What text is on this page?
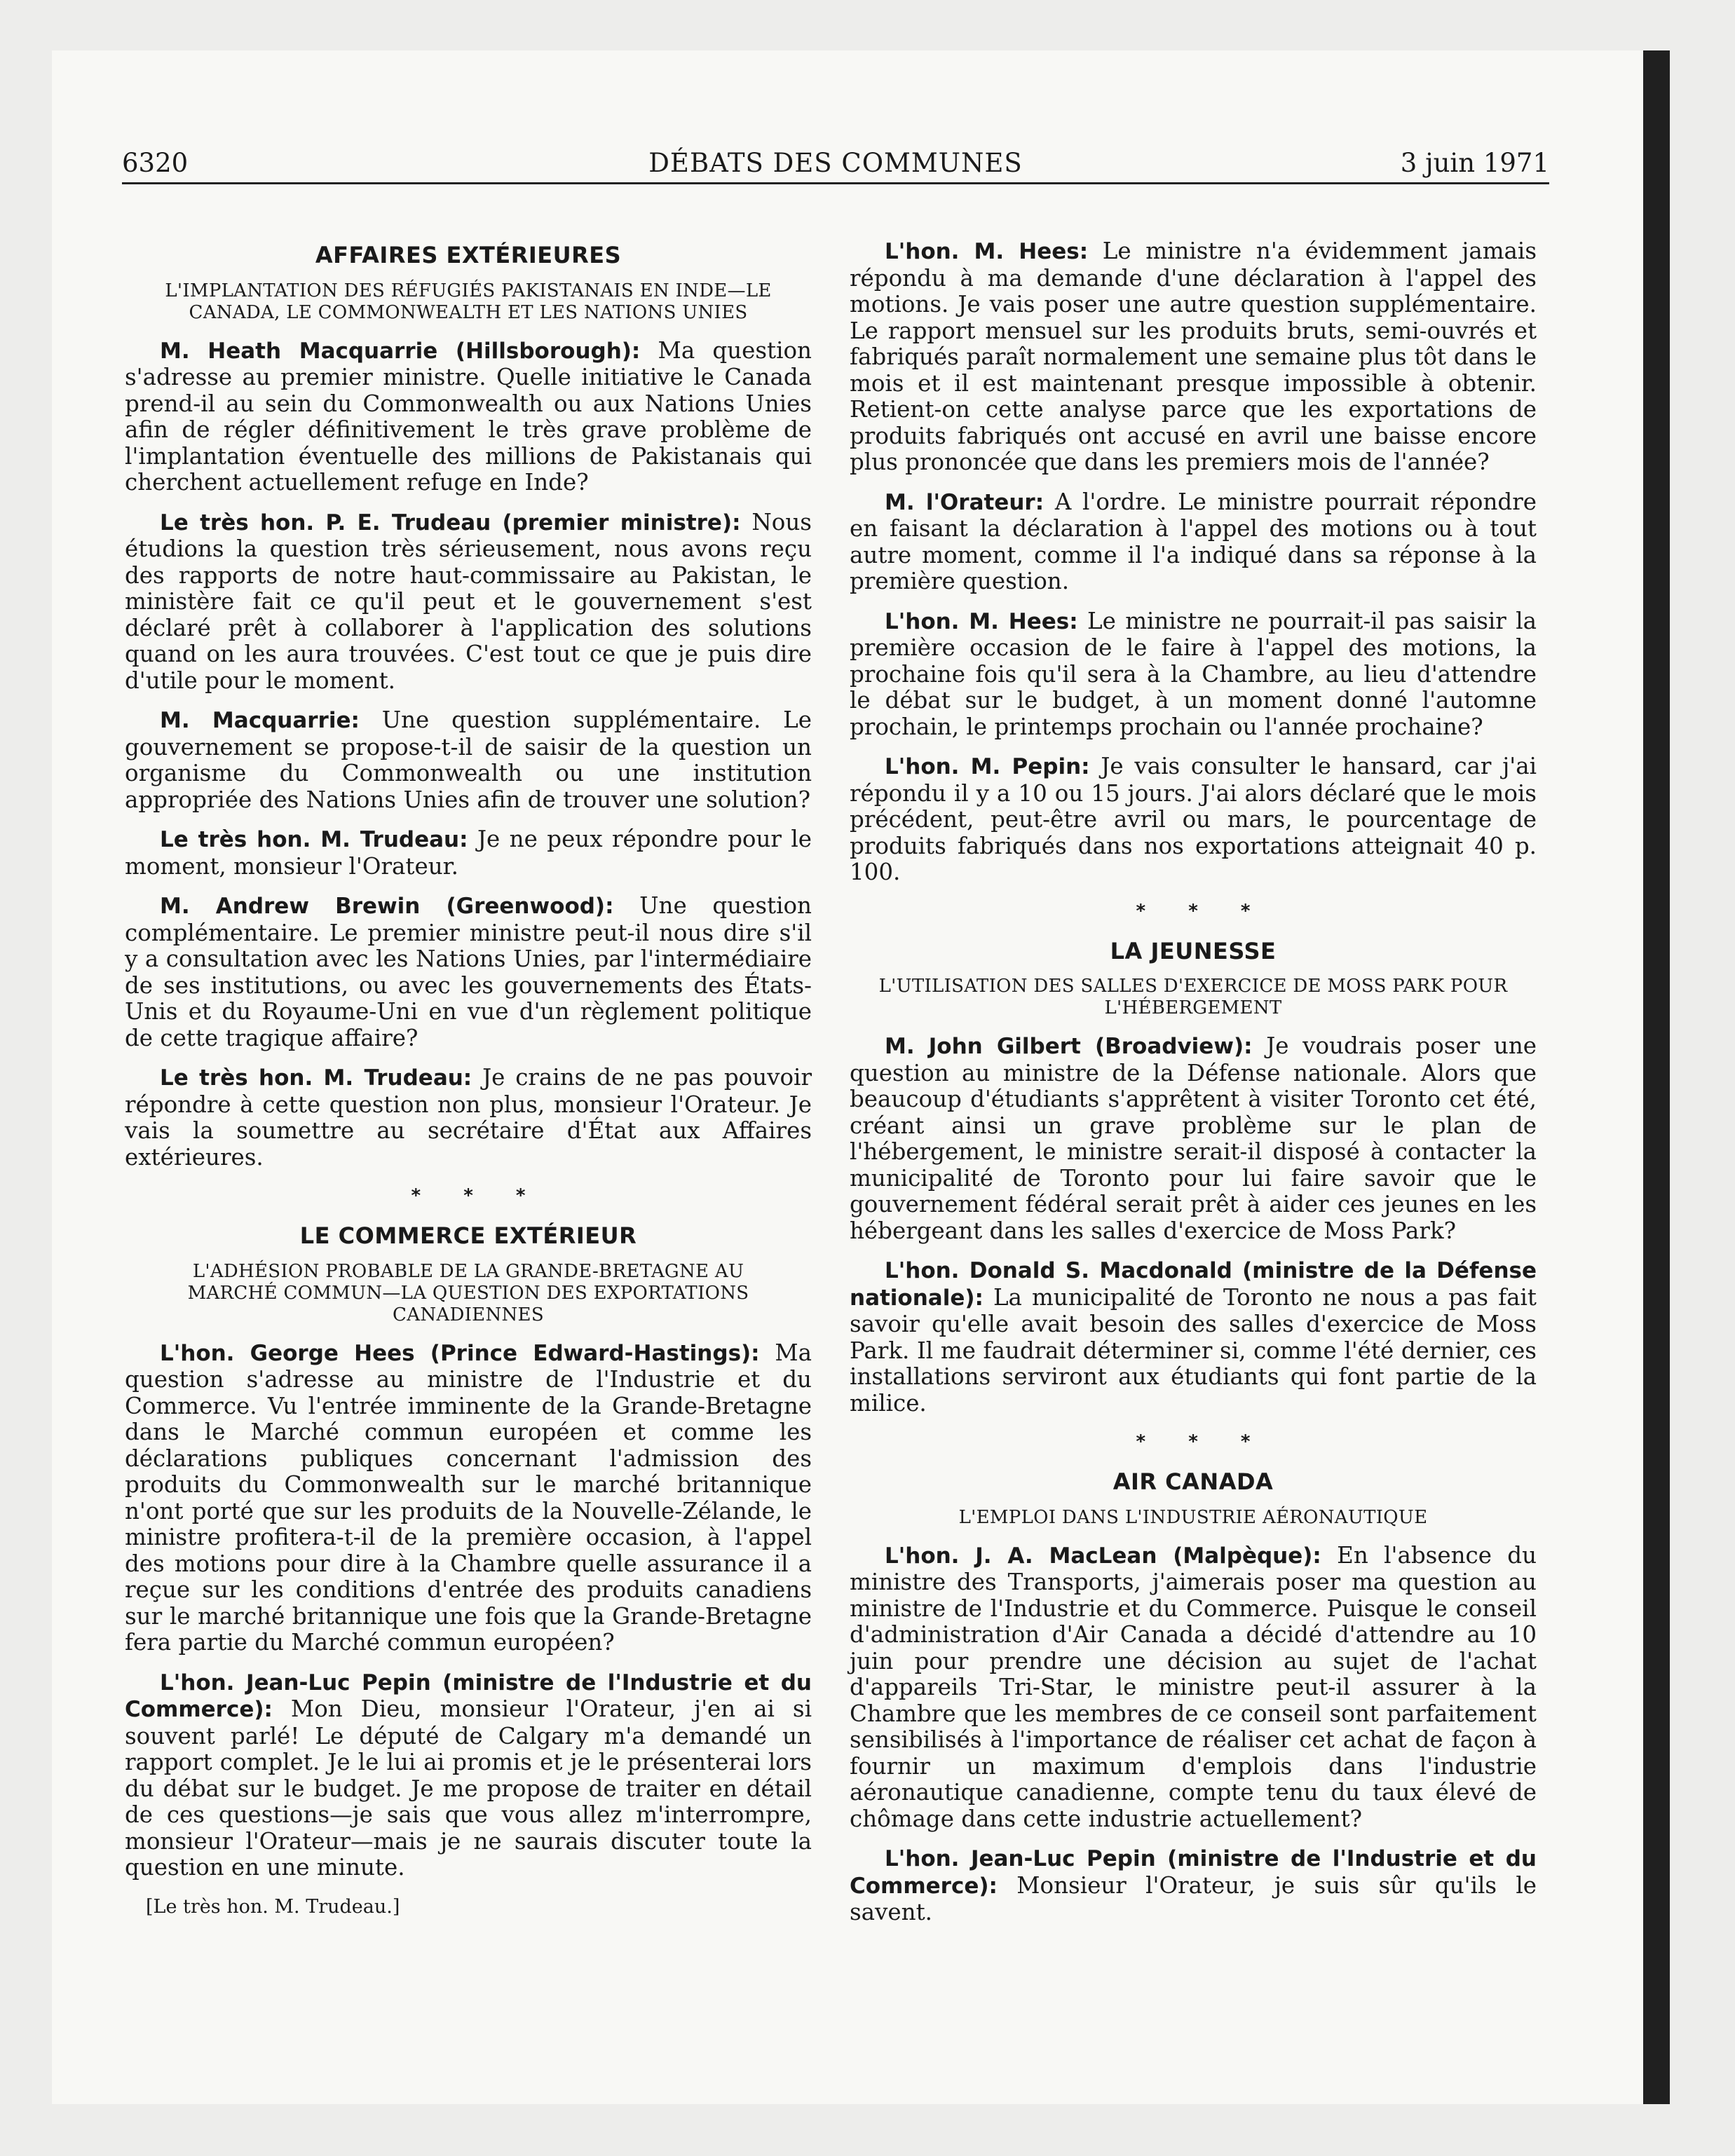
DÉBATS DES COMMUNES
6320	3 juin 1971
AFFAIRES EXTÉRIEURES
L'IMPLANTATION DES RÉFUGIÉS PAKISTANAIS EN INDE—LE CANADA, LE COMMONWEALTH ET LES NATIONS UNIES

M. Heath Macquarrie (Hillsborough): Ma question s'adresse au premier ministre. Quelle initiative le Canada prend-il au sein du Commonwealth ou aux Nations Unies afin de régler définitivement le très grave problème de l'implantation éventuelle des millions de Pakistanais qui cherchent actuellement refuge en Inde?

Le très hon. P. E. Trudeau (premier ministre): Nous étudions la question très sérieusement, nous avons reçu des rapports de notre haut-commissaire au Pakistan, le ministère fait ce qu'il peut et le gouvernement s'est déclaré prêt à collaborer à l'application des solutions quand on les aura trouvées. C'est tout ce que je puis dire d'utile pour le moment.

M. Macquarrie: Une question supplémentaire. Le gouvernement se propose-t-il de saisir de la question un organisme du Commonwealth ou une institution appropriée des Nations Unies afin de trouver une solution?

Le très hon. M. Trudeau: Je ne peux répondre pour le moment, monsieur l'Orateur.

M. Andrew Brewin (Greenwood): Une question complémentaire. Le premier ministre peut-il nous dire s'il y a consultation avec les Nations Unies, par l'intermédiaire de ses institutions, ou avec les gouvernements des États-Unis et du Royaume-Uni en vue d'un règlement politique de cette tragique affaire?

Le très hon. M. Trudeau: Je crains de ne pas pouvoir répondre à cette question non plus, monsieur l'Orateur. Je vais la soumettre au secrétaire d'État aux Affaires extérieures.

* * *
LE COMMERCE EXTÉRIEUR
L'ADHÉSION PROBABLE DE LA GRANDE-BRETAGNE AU MARCHÉ COMMUN—LA QUESTION DES EXPORTATIONS CANADIENNES

L'hon. George Hees (Prince Edward-Hastings): Ma question s'adresse au ministre de l'Industrie et du Commerce. Vu l'entrée imminente de la Grande-Bretagne dans le Marché commun européen et comme les déclarations publiques concernant l'admission des produits du Commonwealth sur le marché britannique n'ont porté que sur les produits de la Nouvelle-Zélande, le ministre profitera-t-il de la première occasion, à l'appel des motions pour dire à la Chambre quelle assurance il a reçue sur les conditions d'entrée des produits canadiens sur le marché britannique une fois que la Grande-Bretagne fera partie du Marché commun européen?

L'hon. Jean-Luc Pepin (ministre de l'Industrie et du Commerce): Mon Dieu, monsieur l'Orateur, j'en ai si souvent parlé! Le député de Calgary m'a demandé un rapport complet. Je le lui ai promis et je le présenterai lors du débat sur le budget. Je me propose de traiter en détail de ces questions—je sais que vous allez m'interrompre, monsieur l'Orateur—mais je ne saurais discuter toute la question en une minute.

[Le très hon. M. Trudeau.]

L'hon. M. Hees: Le ministre n'a évidemment jamais répondu à ma demande d'une déclaration à l'appel des motions. Je vais poser une autre question supplémentaire. Le rapport mensuel sur les produits bruts, semi-ouvrés et fabriqués paraît normalement une semaine plus tôt dans le mois et il est maintenant presque impossible à obtenir. Retient-on cette analyse parce que les exportations de produits fabriqués ont accusé en avril une baisse encore plus prononcée que dans les premiers mois de l'année?

M. l'Orateur: A l'ordre. Le ministre pourrait répondre en faisant la déclaration à l'appel des motions ou à tout autre moment, comme il l'a indiqué dans sa réponse à la première question.

L'hon. M. Hees: Le ministre ne pourrait-il pas saisir la première occasion de le faire à l'appel des motions, la prochaine fois qu'il sera à la Chambre, au lieu d'attendre le débat sur le budget, à un moment donné l'automne prochain, le printemps prochain ou l'année prochaine?

L'hon. M. Pepin: Je vais consulter le hansard, car j'ai répondu il y a 10 ou 15 jours. J'ai alors déclaré que le mois précédent, peut-être avril ou mars, le pourcentage de produits fabriqués dans nos exportations atteignait 40 p. 100.

* * *
LA JEUNESSE
L'UTILISATION DES SALLES D'EXERCICE DE MOSS PARK POUR L'HÉBERGEMENT

M. John Gilbert (Broadview): Je voudrais poser une question au ministre de la Défense nationale. Alors que beaucoup d'étudiants s'apprêtent à visiter Toronto cet été, créant ainsi un grave problème sur le plan de l'hébergement, le ministre serait-il disposé à contacter la municipalité de Toronto pour lui faire savoir que le gouvernement fédéral serait prêt à aider ces jeunes en les hébergeant dans les salles d'exercice de Moss Park?

L'hon. Donald S. Macdonald (ministre de la Défense nationale): La municipalité de Toronto ne nous a pas fait savoir qu'elle avait besoin des salles d'exercice de Moss Park. Il me faudrait déterminer si, comme l'été dernier, ces installations serviront aux étudiants qui font partie de la milice.

* * *
AIR CANADA
L'EMPLOI DANS L'INDUSTRIE AÉRONAUTIQUE

L'hon. J. A. MacLean (Malpèque): En l'absence du ministre des Transports, j'aimerais poser ma question au ministre de l'Industrie et du Commerce. Puisque le conseil d'administration d'Air Canada a décidé d'attendre au 10 juin pour prendre une décision au sujet de l'achat d'appareils Tri-Star, le ministre peut-il assurer à la Chambre que les membres de ce conseil sont parfaitement sensibilisés à l'importance de réaliser cet achat de façon à fournir un maximum d'emplois dans l'industrie aéronautique canadienne, compte tenu du taux élevé de chômage dans cette industrie actuellement?

L'hon. Jean-Luc Pepin (ministre de l'Industrie et du Commerce): Monsieur l'Orateur, je suis sûr qu'ils le savent.
